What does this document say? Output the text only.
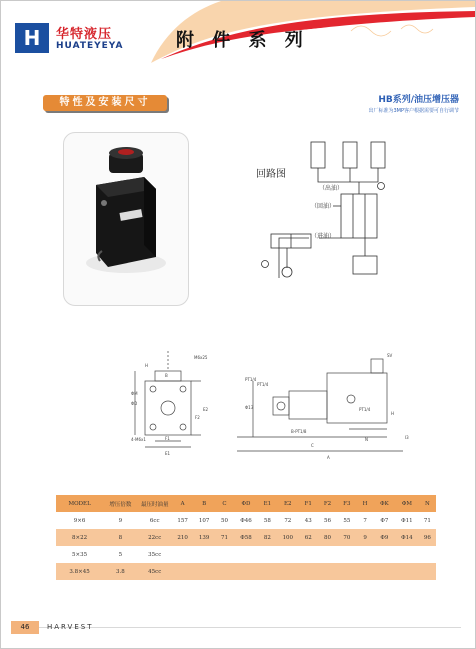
H	华特液压
HUATEYEYA	附 件 系 列
特性及安装尺寸	HB系列/油压增压器
出厂标准为3MP客户根据需要可自行调节
回路图
（出油）
（回油）
（进油）
M6x25
ΦM
ΦD
E2
F2
4-M6x1	F1
E1
B
H
SV
PT1/4
PT1/4
PT1/4
Φ13
C
B-PT1/8
N
A
I3
H
MODEL	增压倍数	最压时油量	A	B	C	ΦD	E1	E2	F1	F2	F3	H	ΦK	ΦM	N
9×6	9	6cc	157	107	50	Φ46	58	72	43	56	55	7	Φ7	Φ11	71
8×22	8	22cc	210	139	71	Φ58	82	100	62	80	70	9	Φ9	Φ14	96
5×35	5	35cc													
3.8×45	3.8	45cc													
46	HARVEST
